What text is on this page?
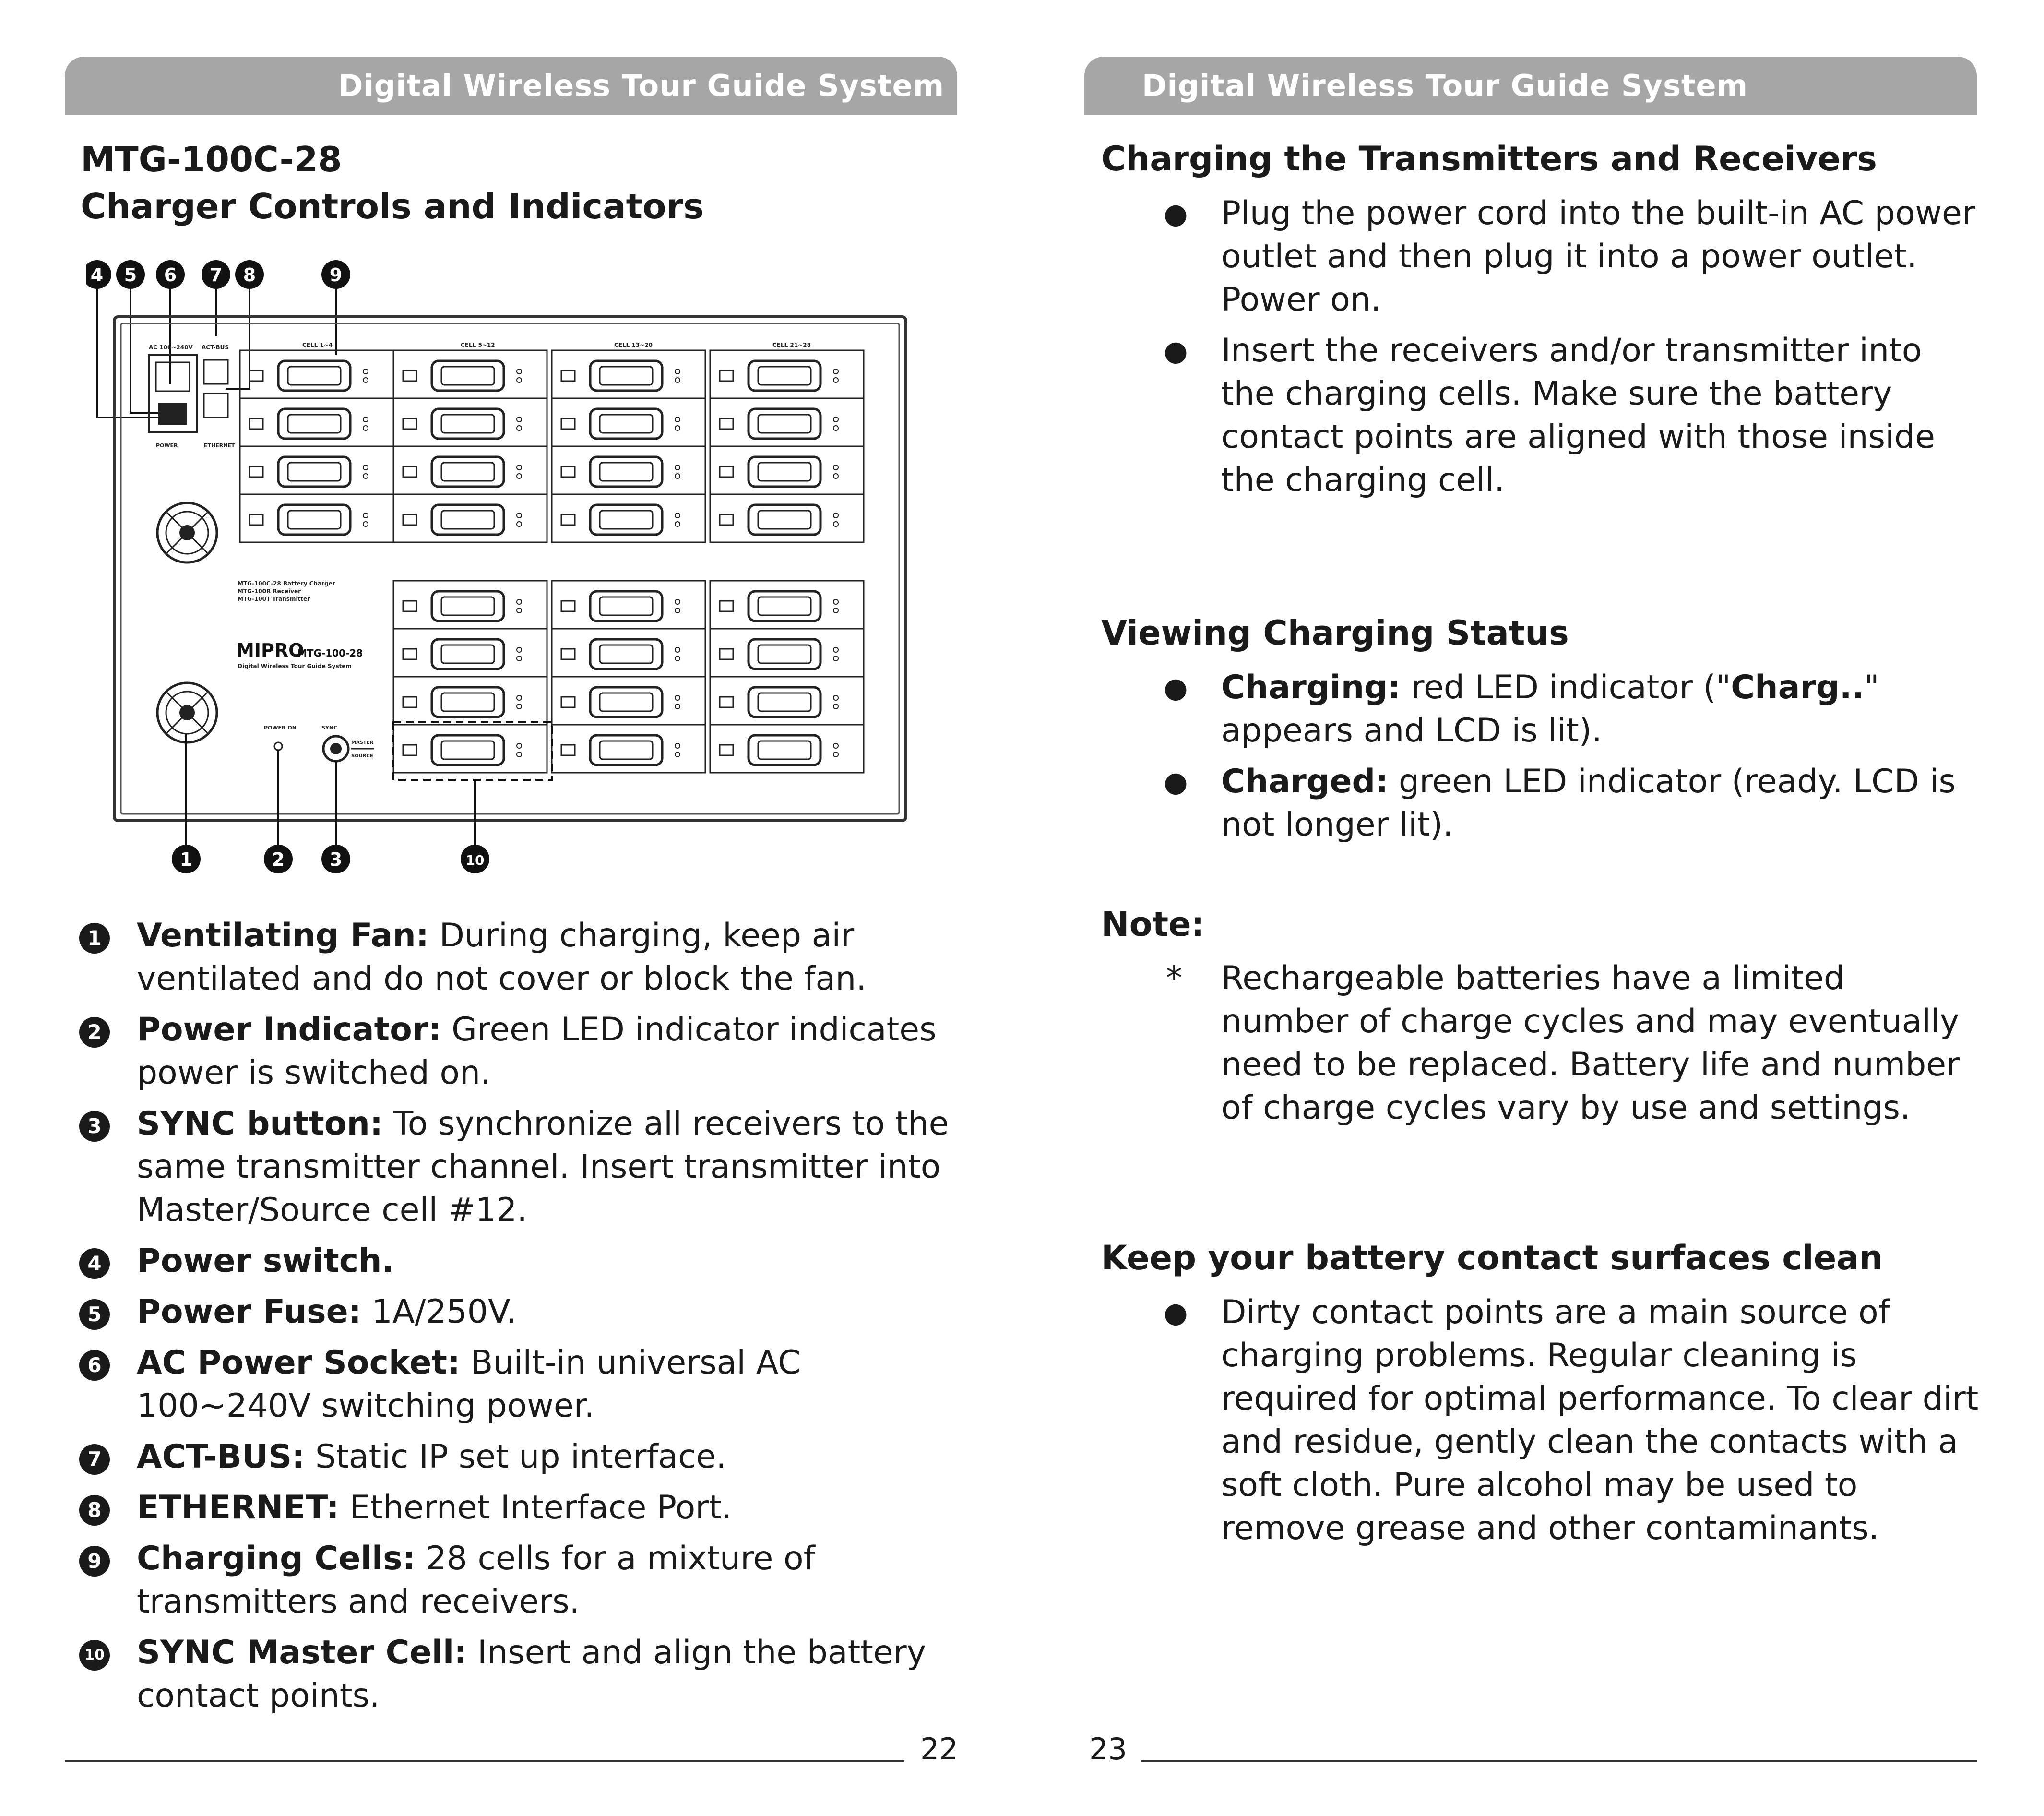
Digital Wireless Tour Guide System
MTG-100C-28
Charger Controls and Indicators
4 5 6 7 8	9
AC 100~240V ACT-BUS
POWER	ETHERNET
MTG-100C-28 Battery Charger
MTG-100R Receiver
MTG-100T Transmitter
MIPRO
MTG-100-28
Digital Wireless Tour Guide System
POWER ON	SYNC
MASTER
SOURCE
CELL 1~4	CELL 5~12	CELL 13~20	CELL 21~28
1	2 3	10
1 Ventilating Fan: During charging, keep air ventilated and do not cover or block the fan.
2 Power Indicator: Green LED indicator indicates power is switched on.
3 SYNC button: To synchronize all receivers to the same transmitter channel. Insert transmitter into Master/Source cell #12.
4 Power switch.
5 Power Fuse: 1A/250V.
6 AC Power Socket: Built-in universal AC 100~240V switching power.
7 ACT-BUS: Static IP set up interface.
8 ETHERNET: Ethernet Interface Port.
9 Charging Cells: 28 cells for a mixture of transmitters and receivers.
10 SYNC Master Cell: Insert and align the battery contact points.
22
Digital Wireless Tour Guide System
Charging the Transmitters and Receivers
● Plug the power cord into the built-in AC power outlet and then plug it into a power outlet. Power on.
● Insert the receivers and/or transmitter into the charging cells. Make sure the battery contact points are aligned with those inside the charging cell.
Viewing Charging Status
● Charging: red LED indicator ("Charg.." appears and LCD is lit).
● Charged: green LED indicator (ready. LCD is not longer lit).
Note:
* Rechargeable batteries have a limited number of charge cycles and may eventually need to be replaced. Battery life and number of charge cycles vary by use and settings.
Keep your battery contact surfaces clean
● Dirty contact points are a main source of charging problems. Regular cleaning is required for optimal performance. To clear dirt and residue, gently clean the contacts with a soft cloth. Pure alcohol may be used to remove grease and other contaminants.
23
